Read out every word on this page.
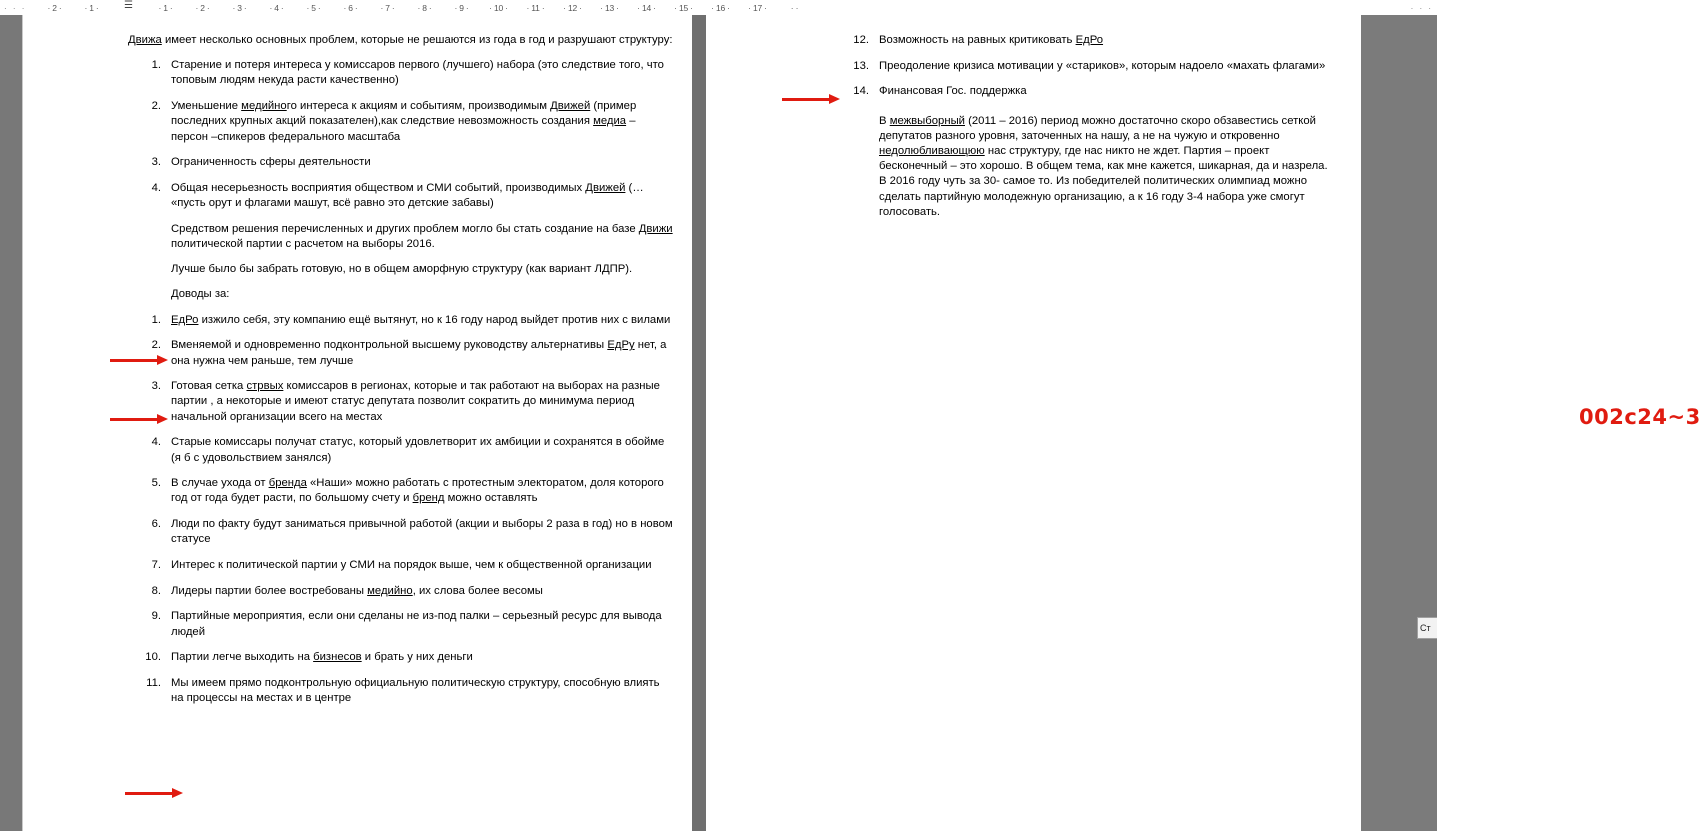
· · ·	· 2 ·	· 1 ·	· 1 ·	· 2 ·	· 3 ·	· 4 ·	· 5 ·	· 6 ·	· 7 ·	· 8 ·	· 9 ·	· 10 ·	· 11 ·	· 12 ·	· 13 ·	· 14 ·	· 15 ·	· 16 ·	· 17 ·	· ·
☰	· · ·

Движа имеет несколько основных проблем, которые не решаются из года в год и разрушают структуру:

1. Старение и потеря интереса у комиссаров первого (лучшего) набора (это следствие того, что топовым людям некуда расти качественно)
2. Уменьшение медийного интереса к акциям и событиям, производимым Движей (пример последних крупных акций показателен),как следствие невозможность создания медиа – персон –спикеров федерального масштаба
3. Ограниченность сферы деятельности
4. Общая несерьезность восприятия обществом и СМИ событий, производимых Движей (… «пусть орут и флагами машут, всё равно это детские забавы)

Средством решения перечисленных и других проблем могло бы стать создание на базе Движи политической партии с расчетом на выборы 2016.

Лучше было бы забрать готовую, но в общем аморфную структуру (как вариант ЛДПР).

Доводы за:

1. ЕдРо изжило себя, эту компанию ещё вытянут, но к 16 году народ выйдет против них с вилами
2. Вменяемой и одновременно подконтрольной высшему руководству альтернативы ЕдРу нет, а она нужна чем раньше, тем лучше
3. Готовая сетка стрвых комиссаров в регионах, которые и так работают на выборах на разные партии , а некоторые и имеют статус депутата позволит сократить до минимума период начальной организации всего на местах
4. Старые комиссары получат статус, который удовлетворит их амбиции и сохранятся в обойме (я б с удовольствием занялся)
5. В случае ухода от бренда «Наши» можно работать с протестным электоратом, доля которого год от года будет расти, по большому счету и бренд можно оставлять
6. Люди по факту будут заниматься привычной работой (акции и выборы 2 раза в год) но в новом статусе
7. Интерес к политической партии у СМИ на порядок выше, чем к общественной организации
8. Лидеры партии более востребованы медийно, их слова более весомы
9. Партийные мероприятия, если они сделаны не из-под палки – серьезный ресурс для вывода людей
10. Партии легче выходить на бизнесов и брать у них деньги
11. Мы имеем прямо подконтрольную официальную политическую структуру, способную влиять на процессы на местах и в центре
12. Возможность на равных критиковать ЕдРо
13. Преодоление кризиса мотивации у «стариков», которым надоело «махать флагами»
14. Финансовая Гос. поддержка

В межвыборный (2011 – 2016) период можно достаточно скоро обзавестись сеткой депутатов разного уровня, заточенных на нашу, а не на чужую и откровенно недолюбливающюю нас структуру, где нас никто не ждет. Партия – проект бесконечный – это хорошо. В общем тема, как мне кажется, шикарная, да и назрела. В 2016 году чуть за 30- самое то. Из победителей политических олимпиад можно сделать партийную молодежную организацию, а к 16 году 3-4 набора уже смогут голосовать.

002c24~3
Ст
